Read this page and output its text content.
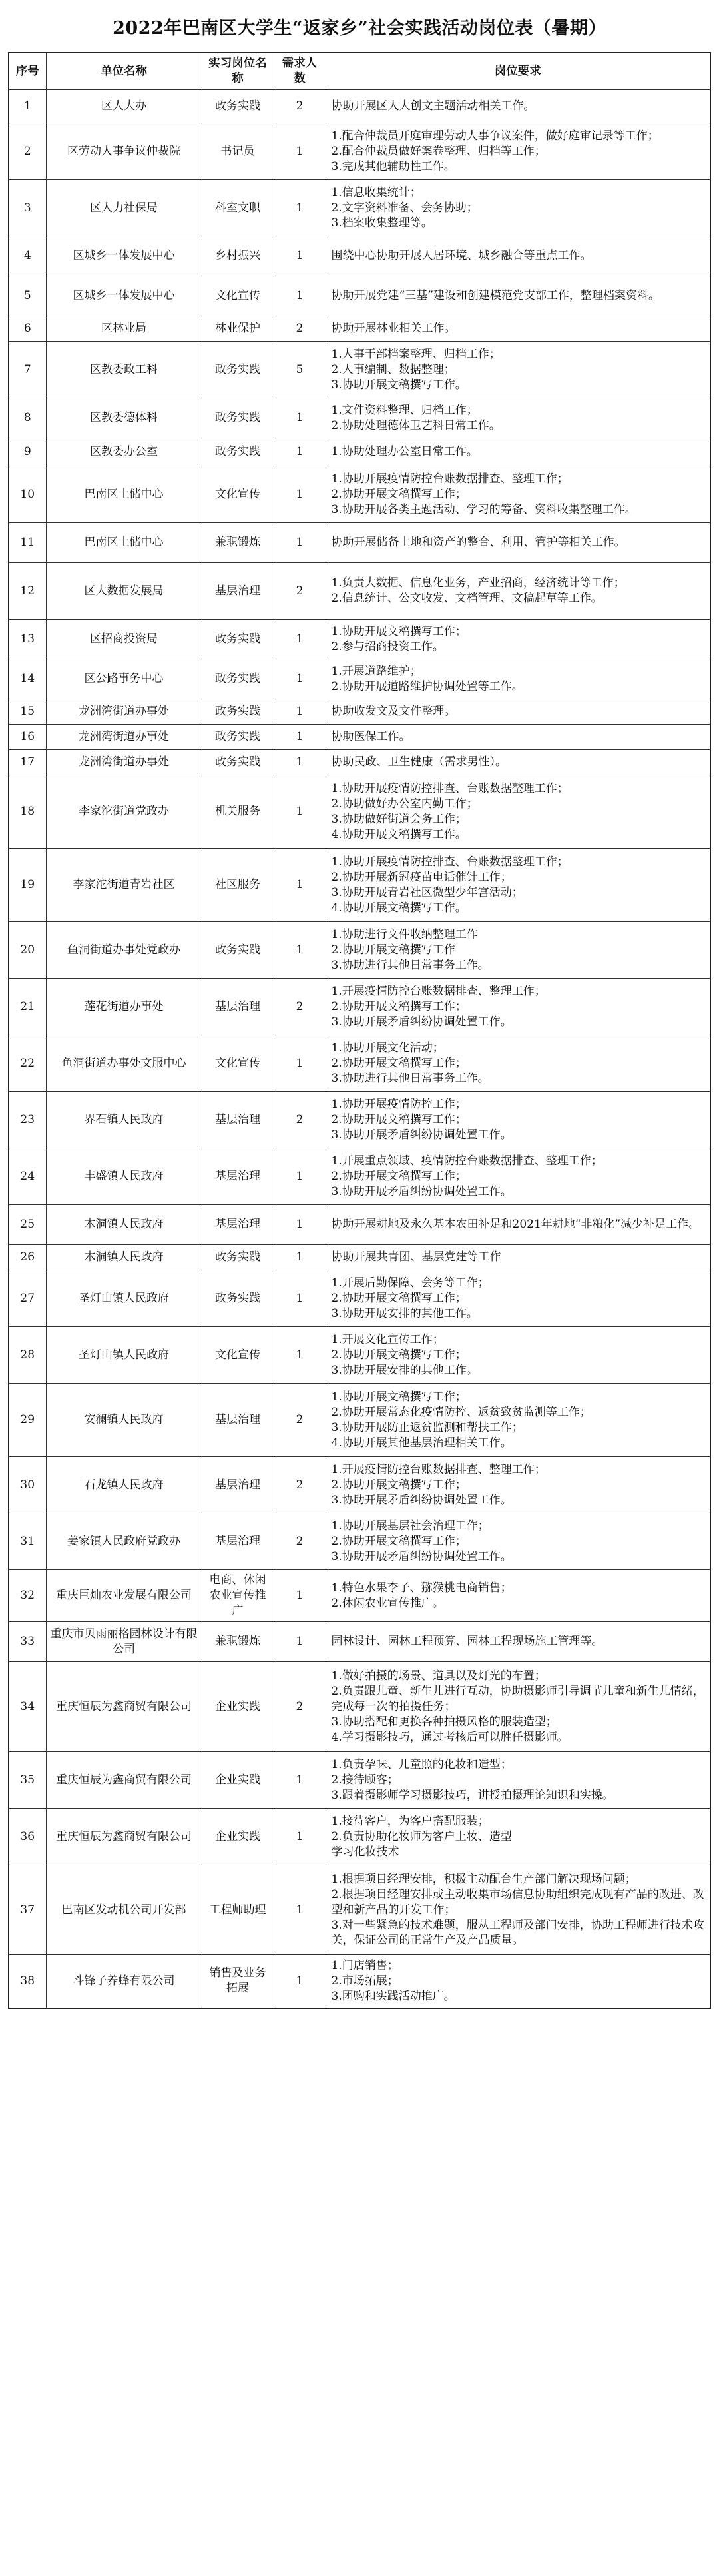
2022年巴南区大学生“返家乡”社会实践活动岗位表（暑期）
序号	单位名称	实习岗位名称	需求人数	岗位要求
1	区人大办	政务实践	2	协助开展区人大创文主题活动相关工作。

2	区劳动人事争议仲裁院	书记员	1	1.配合仲裁员开庭审理劳动人事争议案件，做好庭审记录等工作；
2.配合仲裁员做好案卷整理、归档等工作；
3.完成其他辅助性工作。

3	区人力社保局	科室文职	1	1.信息收集统计；
2.文字资料准备、会务协助；
3.档案收集整理等。

4	区城乡一体发展中心	乡村振兴	1	围绕中心协助开展人居环境、城乡融合等重点工作。

5	区城乡一体发展中心	文化宣传	1	协助开展党建“三基”建设和创建模范党支部工作，整理档案资料。

6	区林业局	林业保护	2	协助开展林业相关工作。

7	区教委政工科	政务实践	5	1.人事干部档案整理、归档工作；
2.人事编制、数据整理；
3.协助开展文稿撰写工作。

8	区教委德体科	政务实践	1	1.文件资料整理、归档工作；
2.协助处理德体卫艺科日常工作。

9	区教委办公室	政务实践	1	1.协助处理办公室日常工作。

10	巴南区土储中心	文化宣传	1	1.协助开展疫情防控台账数据排查、整理工作；
2.协助开展文稿撰写工作；
3.协助开展各类主题活动、学习的筹备、资料收集整理工作。

11	巴南区土储中心	兼职锻炼	1	协助开展储备土地和资产的整合、利用、管护等相关工作。

12	区大数据发展局	基层治理	2	1.负责大数据、信息化业务，产业招商，经济统计等工作；
2.信息统计、公文收发、文档管理、文稿起草等工作。

13	区招商投资局	政务实践	1	1.协助开展文稿撰写工作；
2.参与招商投资工作。

14	区公路事务中心	政务实践	1	1.开展道路维护；
2.协助开展道路维护协调处置等工作。

15	龙洲湾街道办事处	政务实践	1	协助收发文及文件整理。

16	龙洲湾街道办事处	政务实践	1	协助医保工作。

17	龙洲湾街道办事处	政务实践	1	协助民政、卫生健康（需求男性）。

18	李家沱街道党政办	机关服务	1	1.协助开展疫情防控排查、台账数据整理工作；
2.协助做好办公室内勤工作；
3.协助做好街道会务工作；
4.协助开展文稿撰写工作。

19	李家沱街道青岩社区	社区服务	1	1.协助开展疫情防控排查、台账数据整理工作；
2.协助开展新冠疫苗电话催针工作；
3.协助开展青岩社区微型少年宫活动；
4.协助开展文稿撰写工作。

20	鱼洞街道办事处党政办	政务实践	1	1.协助进行文件收纳整理工作
2.协助开展文稿撰写工作
3.协助进行其他日常事务工作。

21	莲花街道办事处	基层治理	2	1.开展疫情防控台账数据排查、整理工作；
2.协助开展文稿撰写工作；
3.协助开展矛盾纠纷协调处置工作。

22	鱼洞街道办事处文服中心	文化宣传	1	1.协助开展文化活动；
2.协助开展文稿撰写工作；
3.协助进行其他日常事务工作。

23	界石镇人民政府	基层治理	2	1.协助开展疫情防控工作；
2.协助开展文稿撰写工作；
3.协助开展矛盾纠纷协调处置工作。

24	丰盛镇人民政府	基层治理	1	1.开展重点领域、疫情防控台账数据排查、整理工作；
2.协助开展文稿撰写工作；
3.协助开展矛盾纠纷协调处置工作。

25	木洞镇人民政府	基层治理	1	协助开展耕地及永久基本农田补足和2021年耕地“非粮化”减少补足工作。

26	木洞镇人民政府	政务实践	1	协助开展共青团、基层党建等工作

27	圣灯山镇人民政府	政务实践	1	1.开展后勤保障、会务等工作；
2.协助开展文稿撰写工作；
3.协助开展安排的其他工作。

28	圣灯山镇人民政府	文化宣传	1	1.开展文化宣传工作；
2.协助开展文稿撰写工作；
3.协助开展安排的其他工作。

29	安澜镇人民政府	基层治理	2	1.协助开展文稿撰写工作；
2.协助开展常态化疫情防控、返贫致贫监测等工作；
3.协助开展防止返贫监测和帮扶工作；
4.协助开展其他基层治理相关工作。

30	石龙镇人民政府	基层治理	2	1.开展疫情防控台账数据排查、整理工作；
2.协助开展文稿撰写工作；
3.协助开展矛盾纠纷协调处置工作。

31	姜家镇人民政府党政办	基层治理	2	1.协助开展基层社会治理工作；
2.协助开展文稿撰写工作；
3.协助开展矛盾纠纷协调处置工作。

32	重庆巨灿农业发展有限公司	电商、休闲农业宣传推广	1	1.特色水果李子、猕猴桃电商销售；
2.休闲农业宣传推广。

33	重庆市贝雨丽格园林设计有限公司	兼职锻炼	1	园林设计、园林工程预算、园林工程现场施工管理等。

34	重庆恒辰为鑫商贸有限公司	企业实践	2	1.做好拍摄的场景、道具以及灯光的布置；
2.负责跟儿童、新生儿进行互动，协助摄影师引导调节儿童和新生儿情绪，完成每一次的拍摄任务；
3.协助搭配和更换各种拍摄风格的服装造型；
4.学习摄影技巧，通过考核后可以胜任摄影师。

35	重庆恒辰为鑫商贸有限公司	企业实践	1	1.负责孕味、儿童照的化妆和造型；
2.接待顾客；
3.跟着摄影师学习摄影技巧，讲授拍摄理论知识和实操。

36	重庆恒辰为鑫商贸有限公司	企业实践	1	1.接待客户，为客户搭配服装；
2.负责协助化妆师为客户上妆、造型
学习化妆技术

37	巴南区发动机公司开发部	工程师助理	1	1.根据项目经理安排，积极主动配合生产部门解决现场问题；
2.根据项目经理安排或主动收集市场信息协助组织完成现有产品的改进、改型和新产品的开发工作；
3.对一些紧急的技术难题，服从工程师及部门安排，协助工程师进行技术攻关，保证公司的正常生产及产品质量。

38	斗锋子养蜂有限公司	销售及业务拓展	1	1.门店销售；
2.市场拓展；
3.团购和实践活动推广。
